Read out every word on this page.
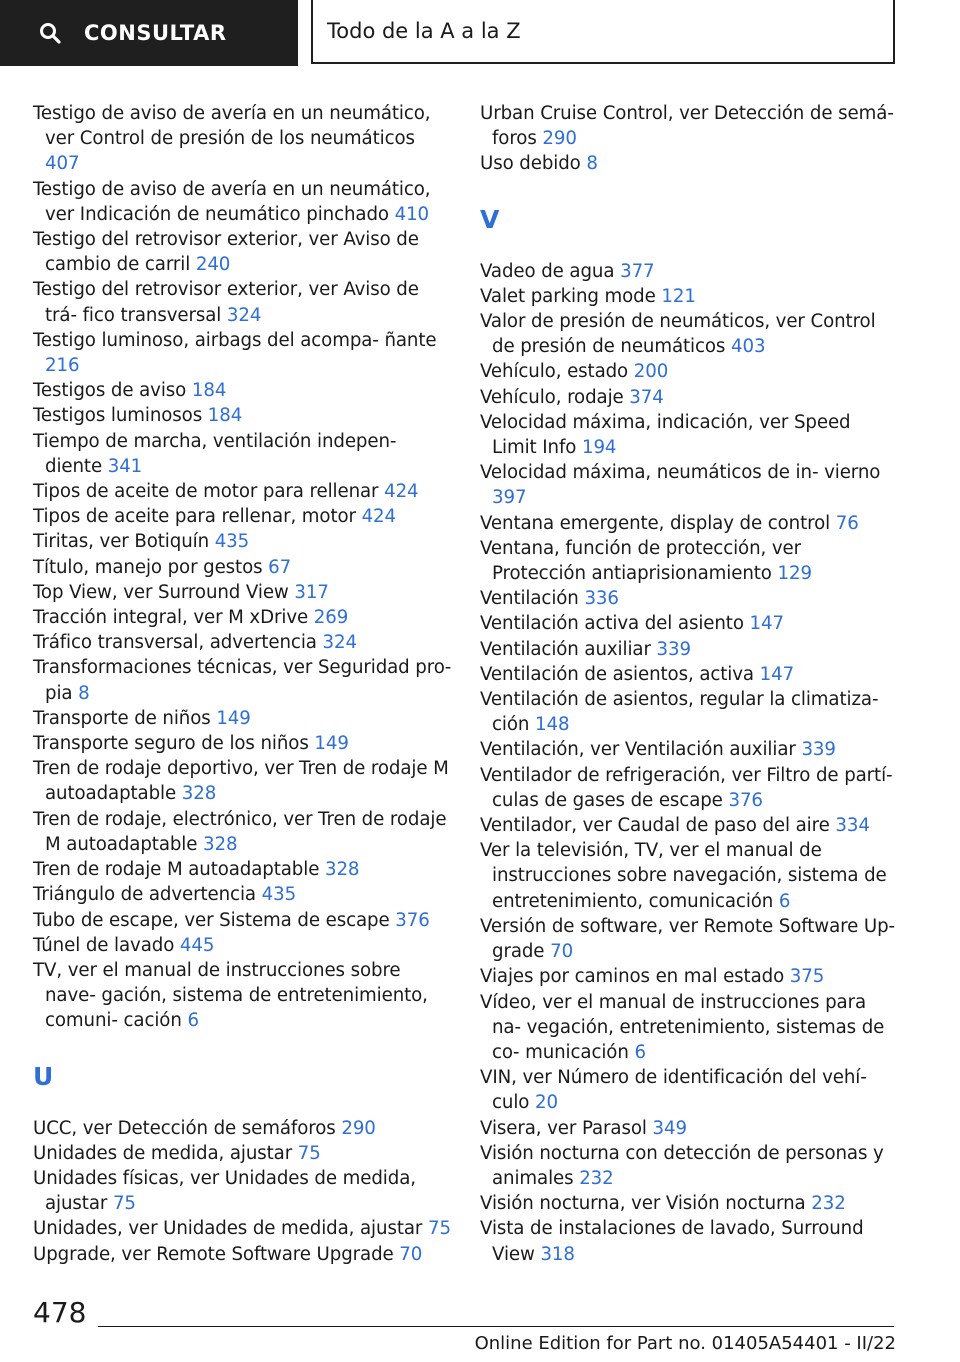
CONSULTAR	Todo de la A a la Z
Testigo de aviso de avería en un neumático, ver Control de presión de los neumáticos 407
Testigo de aviso de avería en un neumático, ver Indicación de neumático pinchado 410
Testigo del retrovisor exterior, ver Aviso de cambio de carril 240
Testigo del retrovisor exterior, ver Aviso de trá‐ fico transversal 324
Testigo luminoso, airbags del acompa‐ ñante 216
Testigos de aviso 184
Testigos luminosos 184
Tiempo de marcha, ventilación indepen‐ diente 341
Tipos de aceite de motor para rellenar 424
Tipos de aceite para rellenar, motor 424
Tiritas, ver Botiquín 435
Título, manejo por gestos 67
Top View, ver Surround View 317
Tracción integral, ver M xDrive 269
Tráfico transversal, advertencia 324
Transformaciones técnicas, ver Seguridad pro‐ pia 8
Transporte de niños 149
Transporte seguro de los niños 149
Tren de rodaje deportivo, ver Tren de rodaje M autoadaptable 328
Tren de rodaje, electrónico, ver Tren de rodaje M autoadaptable 328
Tren de rodaje M autoadaptable 328
Triángulo de advertencia 435
Tubo de escape, ver Sistema de escape 376
Túnel de lavado 445
TV, ver el manual de instrucciones sobre nave‐ gación, sistema de entretenimiento, comuni‐ cación 6
U
UCC, ver Detección de semáforos 290
Unidades de medida, ajustar 75
Unidades físicas, ver Unidades de medida, ajustar 75
Unidades, ver Unidades de medida, ajustar 75
Upgrade, ver Remote Software Upgrade 70
Urban Cruise Control, ver Detección de semá‐ foros 290
Uso debido 8
V
Vadeo de agua 377
Valet parking mode 121
Valor de presión de neumáticos, ver Control de presión de neumáticos 403
Vehículo, estado 200
Vehículo, rodaje 374
Velocidad máxima, indicación, ver Speed Limit Info 194
Velocidad máxima, neumáticos de in‐ vierno 397
Ventana emergente, display de control 76
Ventana, función de protección, ver Protección antiaprisionamiento 129
Ventilación 336
Ventilación activa del asiento 147
Ventilación auxiliar 339
Ventilación de asientos, activa 147
Ventilación de asientos, regular la climatiza‐ ción 148
Ventilación, ver Ventilación auxiliar 339
Ventilador de refrigeración, ver Filtro de partí‐ culas de gases de escape 376
Ventilador, ver Caudal de paso del aire 334
Ver la televisión, TV, ver el manual de instrucciones sobre navegación, sistema de entretenimiento, comunicación 6
Versión de software, ver Remote Software Up‐ grade 70
Viajes por caminos en mal estado 375
Vídeo, ver el manual de instrucciones para na‐ vegación, entretenimiento, sistemas de co‐ municación 6
VIN, ver Número de identificación del vehí‐ culo 20
Visera, ver Parasol 349
Visión nocturna con detección de personas y animales 232
Visión nocturna, ver Visión nocturna 232
Vista de instalaciones de lavado, Surround View 318
478
Online Edition for Part no. 01405A54401 - II/22
